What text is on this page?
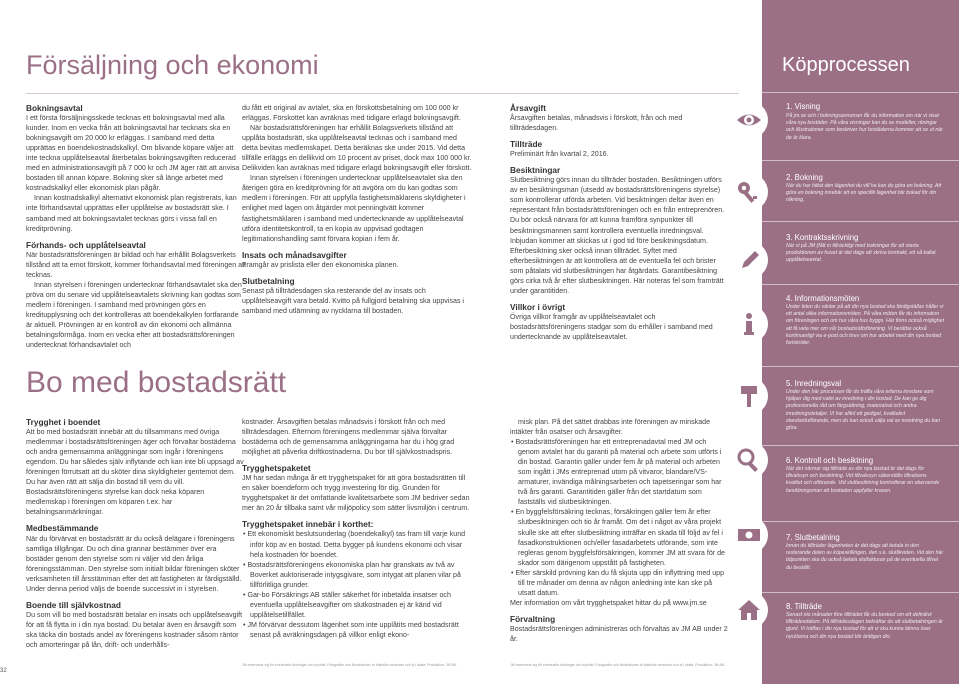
Köpprocessen
Försäljning och ekonomi

Bokningsavtal

I ett första försäljningsskede tecknas ett bokningsavtal med alla kunder. Inom en vecka från att bokningsavtal har tecknats ska en bokningsavgift om 20 000 kr erläggas. I samband med detta upprättas en boendekostnadskalkyl. Om blivande köpare väljer att inte teckna upplåtelseavtal återbetalas bokningsavgiften reducerad med en administrationsavgift på 7 000 kr och JM äger rätt att anvisa bostaden till annan köpare. Bokning sker så länge arbetet med kostnadskalkyl eller ekonomisk plan pågår.

Innan kostnadskalkyl alternativt ekonomisk plan registrerats, kan inte förhandsavtal upprättas eller upplåtelse av bostadsrätt ske. I samband med att bokningsavtalet tecknas görs i vissa fall en kreditprövning.

Förhands- och upplåtelseavtal

När bostadsrättsföreningen är bildad och har erhållit Bolagsverkets tillstånd att ta emot förskott, kommer förhandsavtal med föreningen att tecknas.

Innan styrelsen i föreningen undertecknar förhandsavtalet ska den pröva om du senare vid upplåtelseavtalets skrivning kan godtas som medlem i föreningen. I samband med prövningen görs en kreditupplysning och det kontrolleras att boendekalkylen fortfarande är aktuell. Prövningen är en kontroll av din ekonomi och allmänna betalningsförmåga. Inom en vecka efter att bostadsrättsföreningen undertecknat förhandsavtalet och

du fått ett original av avtalet, ska en förskottsbetalning om 100 000 kr erläggas. Förskottet kan avräknas med tidigare erlagd bokningsavgift.

När bostadsrättsföreningen har erhållit Bolagsverkets tillstånd att upplåta bostadsrätt, ska upplåtelseavtal tecknas och i samband med detta bevitas medlemskapet. Detta beräknas ske under 2015. Vid detta tillfälle erläggs en dellikvid om 10 procent av priset, dock max 100 000 kr. Delikviden kan avräknas med tidigare erlagd bokningsavgift eller förskott.

Innan styrelsen i föreningen undertecknar upplåtelseavtalet ska den återigen göra en kreditprövning för att avgöra om du kan godtas som medlem i föreningen. För att uppfylla fastighetsmäklarens skyldigheter i enlighet med lagen om åtgärder mot penningtvätt kommer fastighetsmäklaren i samband med undertecknande av upplåtelseavtal utföra identitetskontroll, ta en kopia av uppvisad godtagen legitimationshandling samt förvara kopian i fem år.

Insats och månadsavgifter

Framgår av prislista eller den ekonomiska planen.

Slutbetalning

Senast på tillträdesdagen ska resterande del av insats och upplåtelseavgift vara betald. Kvitto på fullgjord betalning ska uppvisas i samband med utlämning av nycklarna till bostaden.

Årsavgift

Årsavgiften betalas, månadsvis i förskott, från och med tillträdesdagen.

Tillträde

Preliminärt från kvartal 2, 2016.

Besiktningar

Slutbesiktning görs innan du tillträder bostaden. Besiktningen utförs av en besiktningsman (utsedd av bostadsrättsföreningens styrelse) som kontrollerar utförda arbeten. Vid besiktningen deltar även en representant från bostadsrättsföreningen och en från entreprenören. Du bör också närvara för att kunna framföra synpunkter till besiktningsmannen samt kontrollera eventuella inredningsval. Inbjudan kommer att skickas ut i god tid före besiktningsdatum. Efterbesiktning sker också innan tillträdet. Syftet med efterbesiktningen är att kontrollera att de eventuella fel och brister som påtalats vid slutbesiktningen har åtgärdats. Garantibesiktning görs cirka två år efter slutbesiktningen. Här noteras fel som framträtt under garantitiden.

Villkor i övrigt

Övriga villkor framgår av upplåtelseavtalet och bostadsrättsföreningens stadgar som du erhåller i samband med undertecknande av upplåtelseavtalet.

Bo med bostadsrätt

Trygghet i boendet

Att bo med bostadsrätt innebär att du tillsammans med övriga medlemmar i bostadsrättsföreningen äger och förvaltar bostäderna och andra gemensamma anläggningar som ingår i föreningens egendom. Du har således själv inflytande och kan inte bli uppsagd av föreningen förrutsatt att du sköter dina skyldigheter gentemot dem. Du har även rätt att sälja din bostad till vem du vill. Bostadsrättsföreningens styrelse kan dock neka köparen medlemskap i föreningen om köparen t.ex. har betalningsanmärkningar.

Medbestämmande

När du förvärvat en bostadsrätt är du också delägare i föreningens samtliga tillgångar. Du och dina grannar bestämmer över era bostäder genom den styrelse som ni väljer vid den årliga föreningsstämman. Den styrelse som initialt bildar föreningen sköter verksamheten till årsstämman efter det att fastigheten är färdigställd. Under denna period väljs de boende successivt in i styrelsen.

Boende till självkostnad

Du som vill bo med bostadsrätt betalar en insats och upplåtelseavgift för att få flytta in i din nya bostad. Du betalar även en årsavgift som ska täcka din bostads andel av föreningens kostnader såsom räntor och amorteringar på lån, drift- och underhålls-

kostnader. Årsavgiften betalas månadsvis i förskott från och med tillträdesdagen. Efternom föreningens medlemmar själva förvaltar bostäderna och de gemensamma anläggningarna har du i hög grad möjlighet att påverka driftkostnaderna. Du bor till självkostnadspris.

Trygghetspaketet

JM har sedan många år ett trygghetspaket för att göra bostadsrätten till en säker boendeform och trygg investering för dig. Grunden för trygghetspaket är det omfattande kvalitetsarbete som JM bedriver sedan mer än 20 år tillbaka samt vår miljöpolicy som sätter livsmiljön i centrum.

Trygghetspaket innebär i korthet:

• Ett ekonomiskt beslutsunderlag (boendekalkyl) tas fram till varje kund inför köp av en bostad. Detta bygger på kundens ekonomi och visar hela kostnaden för boendet.

• Bostadsrättsföreningens ekonomiska plan har granskats av två av Boverket auktoriserade intygsgivare, som intygat att planen vilar på tillförlitliga grunder.

• Gar-bo Försäkrings AB ställer säkerhet för inbetalda insatser och eventuella upplåtelseavgifter om slutkostnaden ej är känd vid upplåtelsetillfället.

• JM förvärvar dessutom lägenhet som inte upplåtits med bostadsrätt senast på avräkningsdagen på villkor enligt ekono-

misk plan. På det sättet drabbas inte föreningen av minskade intäkter från osatser och årsavgifter.

• Bostadsrättsföreningen har ett entreprenadavtal med JM och genom avtalet har du garanti på material och arbete som utförts i din bostad. Garantin gäller under fem år på material och arbeten som ingått i JMs entreprenad utom på vitvaror, blandare/VS-armaturer, invändiga målningsarbeten och tapetseringar som har två års garanti. Garantitiden gäller från det startdatum som fastställs vid slutbesiktningen.

• En byggfelsförsäkring tecknas, försäkringen gäller fem år efter slutbesiktningen och tio år framåt. Om det i något av våra projekt skulle ske att efter slutbesiktning inträffar en skada till följd av fel i fasadkonstruktionen och/eller fasadarbetets utförande, som inte regleras genom byggfelsförsäkringen, kommer JM att svara för de skador som därigenom uppstått på fastigheten.

• Efter särskild prövning kan du få skjuta upp din inflyttning med upp till tre månader om denna av någon anledning inte kan ske på utsatt datum.

Mer information om vårt trygghetspaket hittar du på www.jm.se

Förvaltning

Bostadsrättsföreningen administreras och förvaltas av JM AB under 2 år.

1. Visning
På jm.se och i bokningsannonser får du information om när vi visar våra nya bostäder. På våra visningar kan du se modeller, ritningar och illustrationer som beskriver hur bostäderna kommer att se ut när de är klara.
2. Bokning
När du har hittat den lägenhet du vill ha kan du göra en bokning. Att göra en bokning innebär att en specifik lägenhet blir bokad för din räkning.
3. Kontraktsskrivning
När vi på JM (fått in tillräckligt med bokningar för att starta produktionen av huset är det dags att skriva kontrakt, ett så kallat upplåtelseavtal.
4. Informationsmöten
Under tiden du väntar på att din nya bostad ska färdigställas håller vi ett antal olika informationsmöten. På våra möten får du information om föreningen och om hur våra hus byggs. Här finns också möjlighet att få veta mer om vår bostadsrättsförening. Vi berättar också kontinuerligt via e-post och brev om hur arbetet med din nya bostad fortskrider.
5. Inredningsval
Under den här processen får du träffa våra erfarna inredare som hjälper dig med valet av inredning i din bostad. De kan ge dig professionella råd om färgsättning, materialval och andra inredningsdetaljer. Vi har alltid ett gediget, kvalitativt standardutförande, men du kan också välja val av inredning du kan göra.
6. Kontroll och besiktning
När det närmar sig tillträde av din nya bostad är det dags för tillvalssyn och besiktning. Vid tillvalssyn säkerställs tillvalsens kvalitet och utförande. Vid slutbesiktning kontrollerar en oberoende besiktningsman att bostaden uppfyller kraven.
7. Slutbetalning
Innan du tillträder lägenheten är det dags att betala in den resterande delen av köpeskillingen, den s.k. slutlikviden. Vid den här tidpunkten ska du också betala slutfakturan på de eventuella tillval du beställt.
8. Tillträde
Senast nio månader före tillträdet får du besked om ett definitivt tillträdesdatum. På tillträdesdagen bekräftar du att slutbetalningen är gjord. Vi träffas i din nya bostad för att vi ska kunna lämna över nycklarna och din nya bostad blir äntligen din.
32
JM reserverar sig för eventuella ändringar och tryckfel. Fotografier och illustrationer är tidstolke versioner och ej i skala. Produktion: JM AB.	JM reserverar sig för eventuella ändringar och tryckfel. Fotografier och illustrationer är tidstolke versioner och ej i skala. Produktion: JM AB.
